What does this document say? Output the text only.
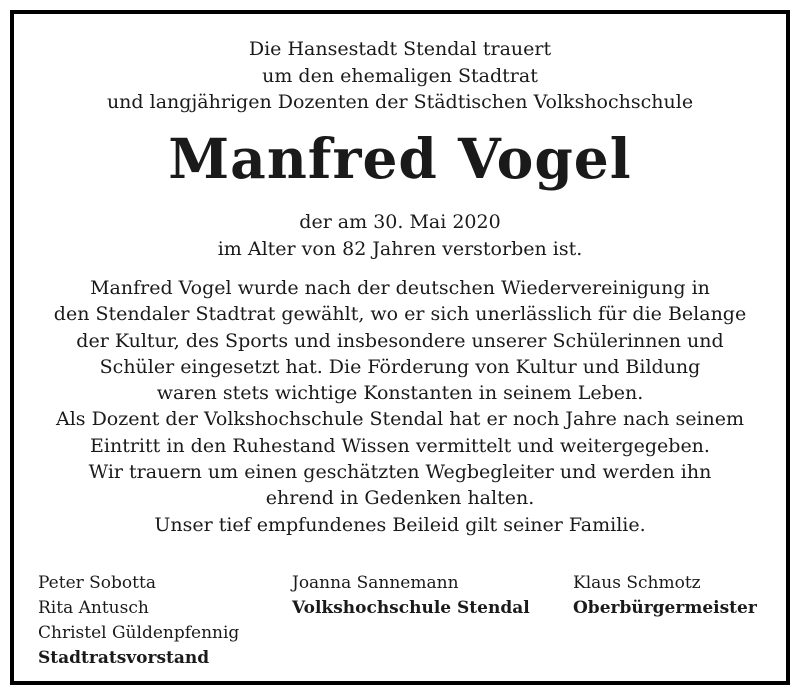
Die Hansestadt Stendal trauert
um den ehemaligen Stadtrat
und langjährigen Dozenten der Städtischen Volkshochschule
Manfred Vogel
der am 30. Mai 2020
im Alter von 82 Jahren verstorben ist.
Manfred Vogel wurde nach der deutschen Wiedervereinigung in
den Stendaler Stadtrat gewählt, wo er sich unerlässlich für die Belange
der Kultur, des Sports und insbesondere unserer Schülerinnen und
Schüler eingesetzt hat. Die Förderung von Kultur und Bildung
waren stets wichtige Konstanten in seinem Leben.
Als Dozent der Volkshochschule Stendal hat er noch Jahre nach seinem
Eintritt in den Ruhestand Wissen vermittelt und weitergegeben.
Wir trauern um einen geschätzten Wegbegleiter und werden ihn
ehrend in Gedenken halten.
Unser tief empfundenes Beileid gilt seiner Familie.
Peter Sobotta
Rita Antusch
Christel Güldenpfennig
Stadtratsvorstand
Joanna Sannemann
Volkshochschule Stendal
Klaus Schmotz
Oberbürgermeister
